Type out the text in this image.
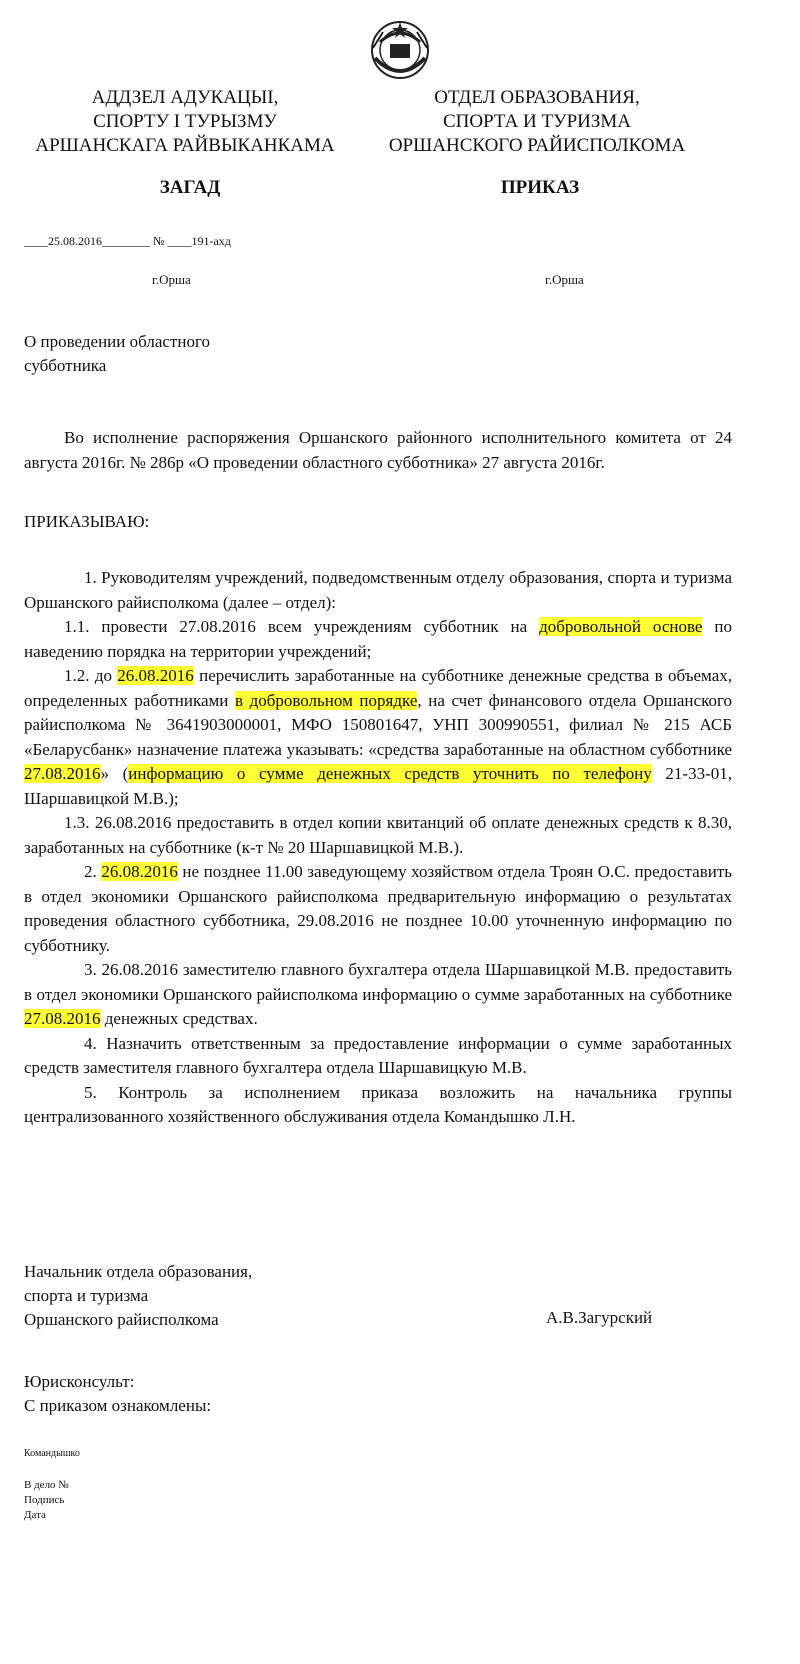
АДДЗЕЛ АДУКАЦЫI,
СПОРТУ I ТУРЫЗМУ
АРШАНСКАГА РАЙВЫКАНКАМА
ОТДЕЛ ОБРАЗОВАНИЯ,
СПОРТА И ТУРИЗМА
ОРШАНСКОГО РАЙИСПОЛКОМА
ЗАГАД	ПРИКАЗ
____25.08.2016________ № ____191-ахд
г.Орша	г.Орша
О проведении областного
субботника

Во исполнение распоряжения Оршанского районного исполнительного комитета от 24 августа 2016г. № 286р «О проведении областного субботника» 27 августа 2016г.

ПРИКАЗЫВАЮ:

1. Руководителям учреждений, подведомственным отделу образования, спорта и туризма Оршанского райисполкома (далее – отдел):

1.1. провести 27.08.2016 всем учреждениям субботник на добровольной основе по наведению порядка на территории учреждений;

1.2. до 26.08.2016 перечислить заработанные на субботнике денежные средства в объемах, определенных работниками в добровольном порядке, на счет финансового отдела Оршанского райисполкома № 3641903000001, МФО 150801647, УНП 300990551, филиал № 215 АСБ «Беларусбанк» назначение платежа указывать: «средства заработанные на областном субботнике 27.08.2016» (информацию о сумме денежных средств уточнить по телефону 21-33-01, Шаршавицкой М.В.);

1.3. 26.08.2016 предоставить в отдел копии квитанций об оплате денежных средств к 8.30, заработанных на субботнике (к-т № 20 Шаршавицкой М.В.).

2. 26.08.2016 не позднее 11.00 заведующему хозяйством отдела Троян О.С. предоставить в отдел экономики Оршанского райисполкома предварительную информацию о результатах проведения областного субботника, 29.08.2016 не позднее 10.00 уточненную информацию по субботнику.

3. 26.08.2016 заместителю главного бухгалтера отдела Шаршавицкой М.В. предоставить в отдел экономики Оршанского райисполкома информацию о сумме заработанных на субботнике 27.08.2016 денежных средствах.

4. Назначить ответственным за предоставление информации о сумме заработанных средств заместителя главного бухгалтера отдела Шаршавицкую М.В.

5. Контроль за исполнением приказа возложить на начальника группы централизованного хозяйственного обслуживания отдела Командышко Л.Н.

Начальник отдела образования,
спорта и туризма
Оршанского райисполкома	А.В.Загурский
Юрисконсульт:
С приказом ознакомлены:
Командышко
В дело №
Подпись
Дата
